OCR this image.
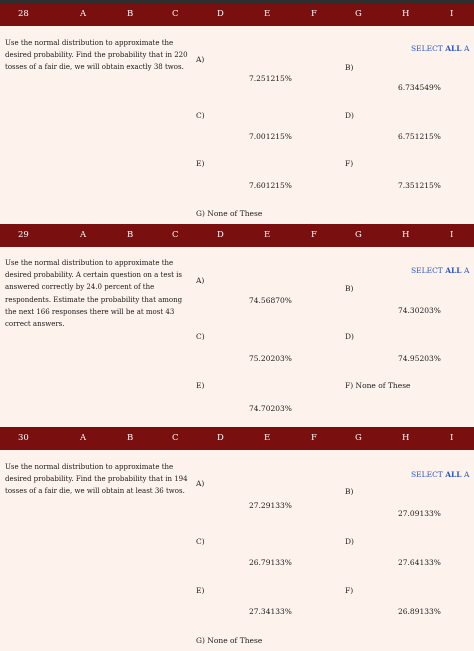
28	A	B	C	D	E	F	G	H	I
Use the normal distribution to approximate the desired probability. Find the probability that in 220 tosses of a fair die, we will obtain exactly 38 twos.
SELECT ALL A
A)
7.251215%
B)
6.734549%
C)
7.001215%
D)
6.751215%
E)
7.601215%
F)
7.351215%
G) None of These
29	A	B	C	D	E	F	G	H	I
Use the normal distribution to approximate the desired probability. A certain question on a test is answered correctly by 24.0 percent of the respondents. Estimate the probability that among the next 166 responses there will be at most 43 correct answers.
SELECT ALL A
A)
74.56870%
B)
74.30203%
C)
75.20203%
D)
74.95203%
E)
74.70203%
F) None of These
30	A	B	C	D	E	F	G	H	I
Use the normal distribution to approximate the desired probability. Find the probability that in 194 tosses of a fair die, we will obtain at least 36 twos.
SELECT ALL A
A)
27.29133%
B)
27.09133%
C)
26.79133%
D)
27.64133%
E)
27.34133%
F)
26.89133%
G) None of These
